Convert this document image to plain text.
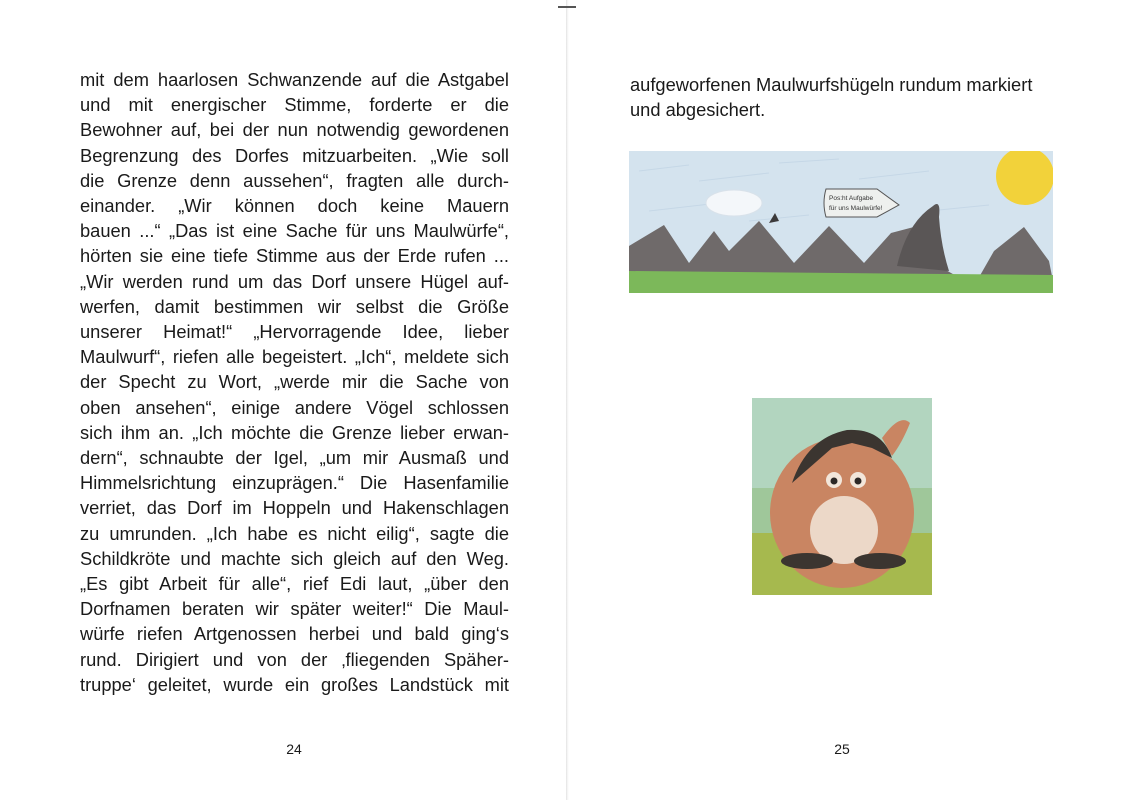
mit dem haarlosen Schwanzende auf die Astgabel
und mit energischer Stimme, forderte er die
Bewohner auf, bei der nun notwendig gewordenen
Begrenzung des Dorfes mitzuarbeiten. „Wie soll
die Grenze denn aussehen“, fragten alle durch-
einander. „Wir können doch keine Mauern
bauen ...“ „Das ist eine Sache für uns Maulwürfe“,
hörten sie eine tiefe Stimme aus der Erde rufen ...
„Wir werden rund um das Dorf unsere Hügel auf-
werfen, damit bestimmen wir selbst die Größe
unserer Heimat!“ „Hervorragende Idee, lieber
Maulwurf“, riefen alle begeistert. „Ich“, meldete sich
der Specht zu Wort, „werde mir die Sache von
oben ansehen“, einige andere Vögel schlossen
sich ihm an. „Ich möchte die Grenze lieber erwan-
dern“, schnaubte der Igel, „um mir Ausmaß und
Himmelsrichtung einzuprägen.“ Die Hasenfamilie
verriet, das Dorf im Hoppeln und Hakenschlagen
zu umrunden. „Ich habe es nicht eilig“, sagte die
Schildkröte und machte sich gleich auf den Weg.
„Es gibt Arbeit für alle“, rief Edi laut, „über den
Dorfnamen beraten wir später weiter!“ Die Maul-
würfe riefen Artgenossen herbei und bald ging‘s
rund. Dirigiert und von der ‚fliegenden Späher-
truppe‘ geleitet, wurde ein großes Landstück mit

24

aufgeworfenen Maulwurfshügeln rundum markiert
und abgesichert.

Pos:ht Aufgabe
für uns Maulwürfe!
25
